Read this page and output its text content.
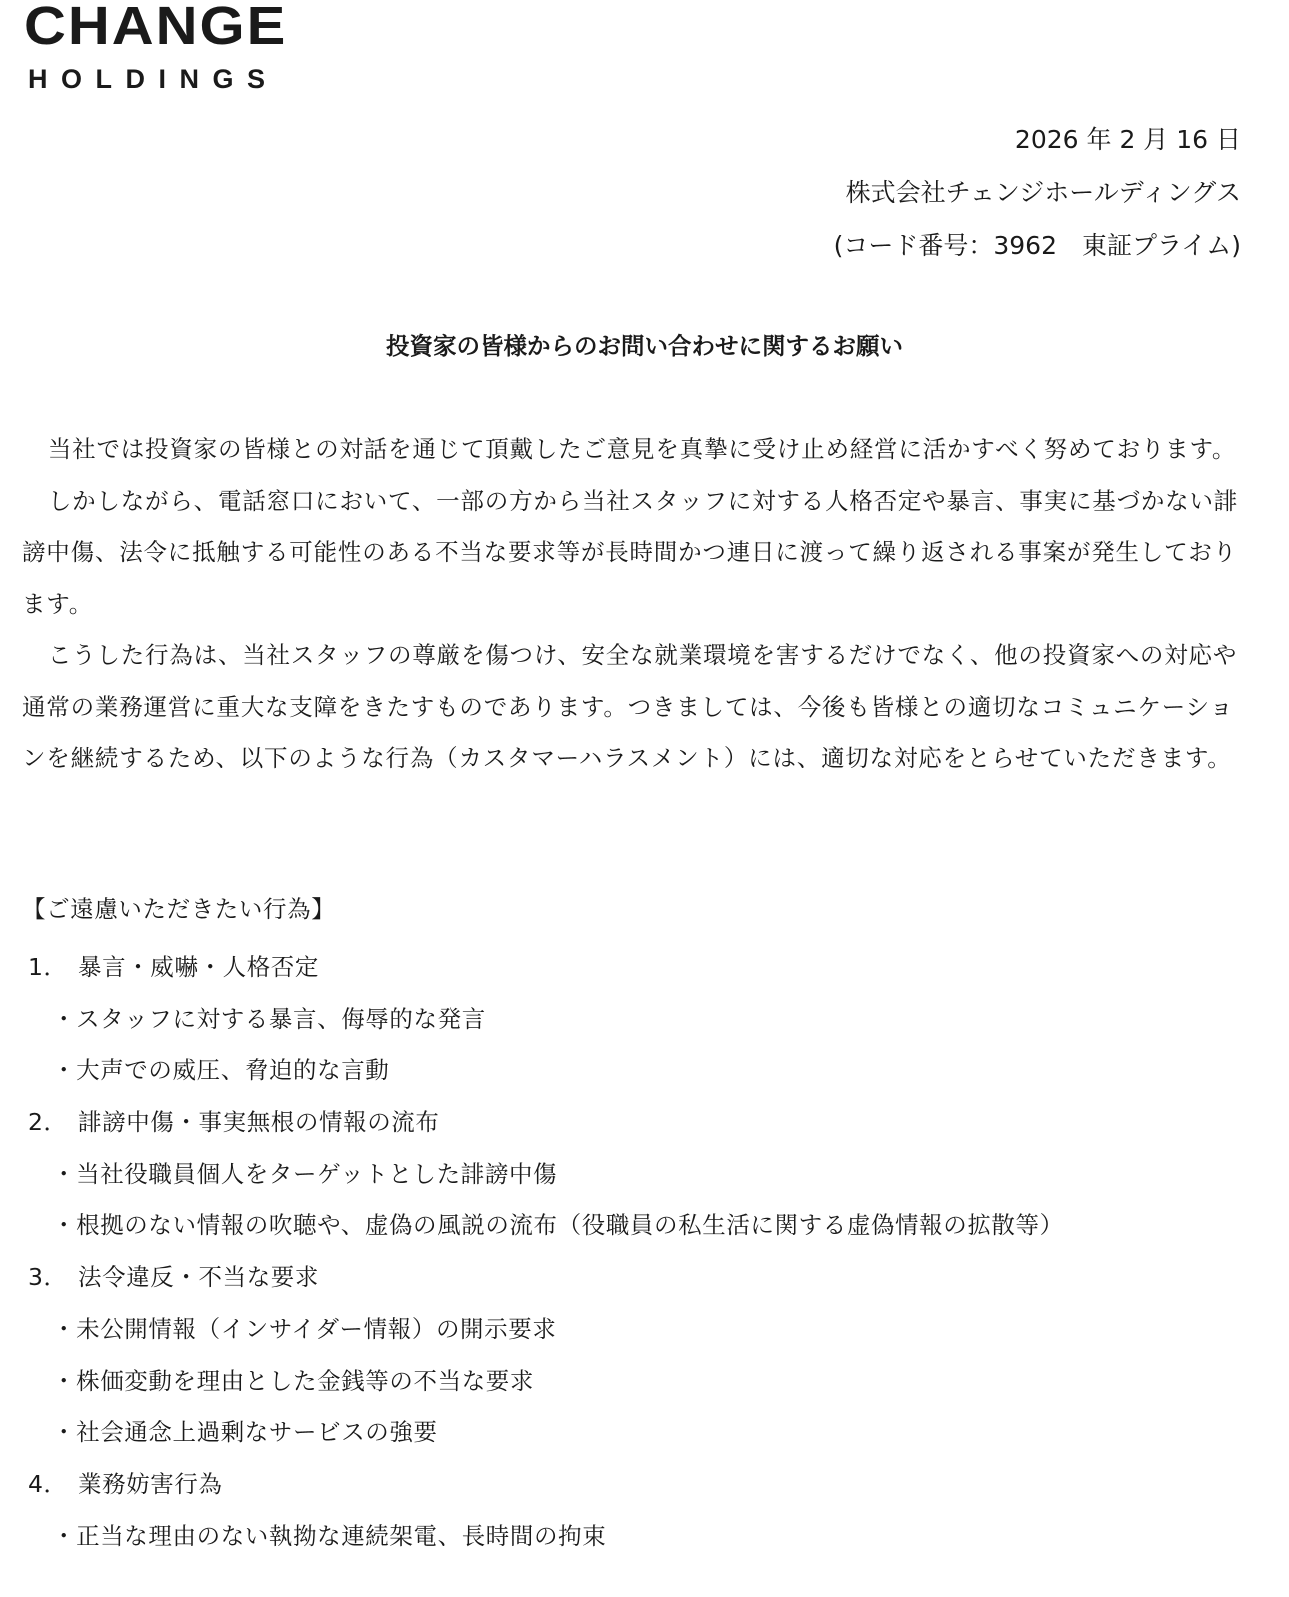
CHANGE
HOLDINGS
2026 年 2 月 16 日
株式会社チェンジホールディングス
(コード番号：3962　東証プライム)
投資家の皆様からのお問い合わせに関するお願い

当社では投資家の皆様との対話を通じて頂戴したご意見を真摯に受け止め経営に活かすべく努めております。

しかしながら、電話窓口において、一部の方から当社スタッフに対する人格否定や暴言、事実に基づかない誹謗中傷、法令に抵触する可能性のある不当な要求等が長時間かつ連日に渡って繰り返される事案が発生しております。

こうした行為は、当社スタッフの尊厳を傷つけ、安全な就業環境を害するだけでなく、他の投資家への対応や通常の業務運営に重大な支障をきたすものであります。つきましては、今後も皆様との適切なコミュニケーションを継続するため、以下のような行為（カスタマーハラスメント）には、適切な対応をとらせていただきます。

【ご遠慮いただきたい行為】
1． 暴言・威嚇・人格否定
・スタッフに対する暴言、侮辱的な発言
・大声での威圧、脅迫的な言動
2． 誹謗中傷・事実無根の情報の流布
・当社役職員個人をターゲットとした誹謗中傷
・根拠のない情報の吹聴や、虚偽の風説の流布（役職員の私生活に関する虚偽情報の拡散等）
3． 法令違反・不当な要求
・未公開情報（インサイダー情報）の開示要求
・株価変動を理由とした金銭等の不当な要求
・社会通念上過剰なサービスの強要
4． 業務妨害行為
・正当な理由のない執拗な連続架電、長時間の拘束
